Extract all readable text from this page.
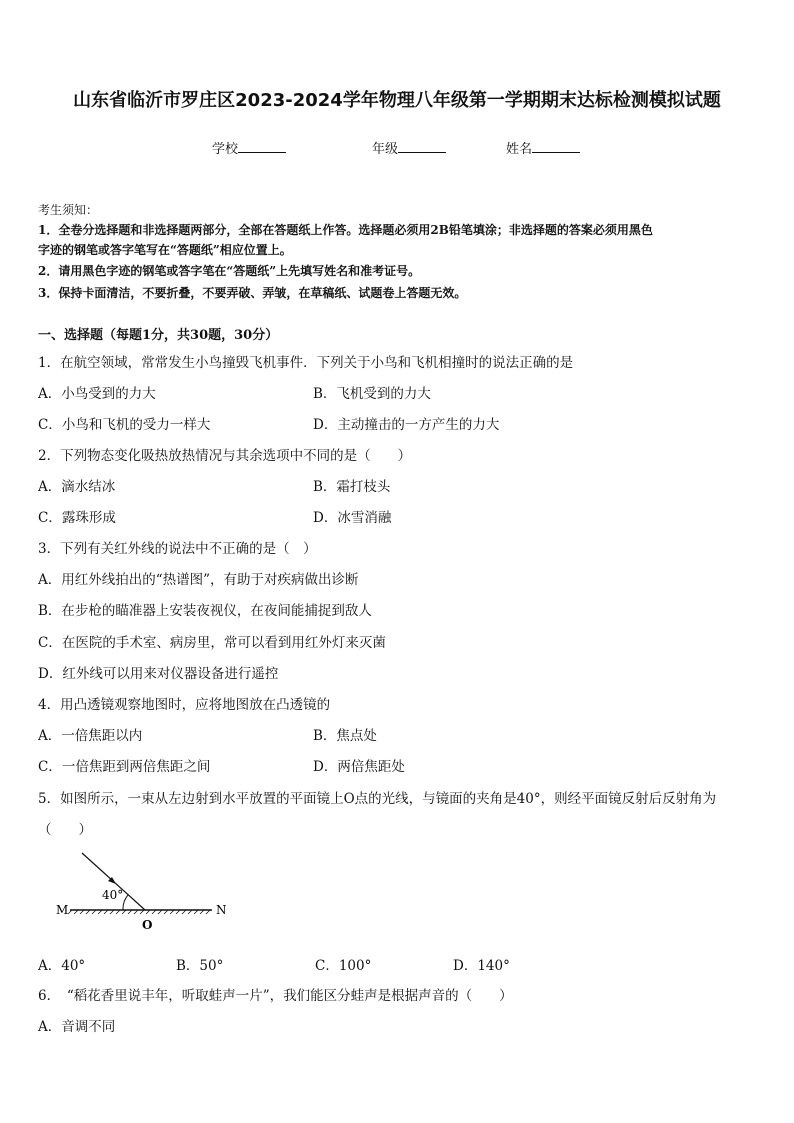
山东省临沂市罗庄区2023-2024学年物理八年级第一学期期末达标检测模拟试题
学校	年级	姓名
考生须知：
1．全卷分选择题和非选择题两部分，全部在答题纸上作答。选择题必须用2B铅笔填涂；非选择题的答案必须用黑色
字迹的钢笔或答字笔写在“答题纸”相应位置上。
2．请用黑色字迹的钢笔或答字笔在“答题纸”上先填写姓名和准考证号。
3．保持卡面清洁，不要折叠，不要弄破、弄皱，在草稿纸、试题卷上答题无效。
一、选择题（每题1分，共30题，30分）
1．在航空领域，常常发生小鸟撞毁飞机事件．下列关于小鸟和飞机相撞时的说法正确的是
A．小鸟受到的力大	B．飞机受到的力大
C．小鸟和飞机的受力一样大	D．主动撞击的一方产生的力大
2．下列物态变化吸热放热情况与其余选项中不同的是（　　）
A．滴水结冰	B．霜打枝头
C．露珠形成	D．冰雪消融
3．下列有关红外线的说法中不正确的是（　）
A．用红外线拍出的“热谱图”，有助于对疾病做出诊断
B．在步枪的瞄准器上安装夜视仪，在夜间能捕捉到敌人
C．在医院的手术室、病房里，常可以看到用红外灯来灭菌
D．红外线可以用来对仪器设备进行遥控
4．用凸透镜观察地图时，应将地图放在凸透镜的
A．一倍焦距以内	B．焦点处
C．一倍焦距到两倍焦距之间	D．两倍焦距处
5．如图所示，一束从左边射到水平放置的平面镜上O点的光线，与镜面的夹角是40°，则经平面镜反射后反射角为
（　　）
40°
M	N
O
A．40°	B．50°	C．100°	D．140°
6．　“稻花香里说丰年，听取蛙声一片”，我们能区分蛙声是根据声音的（　　）
A．音调不同
